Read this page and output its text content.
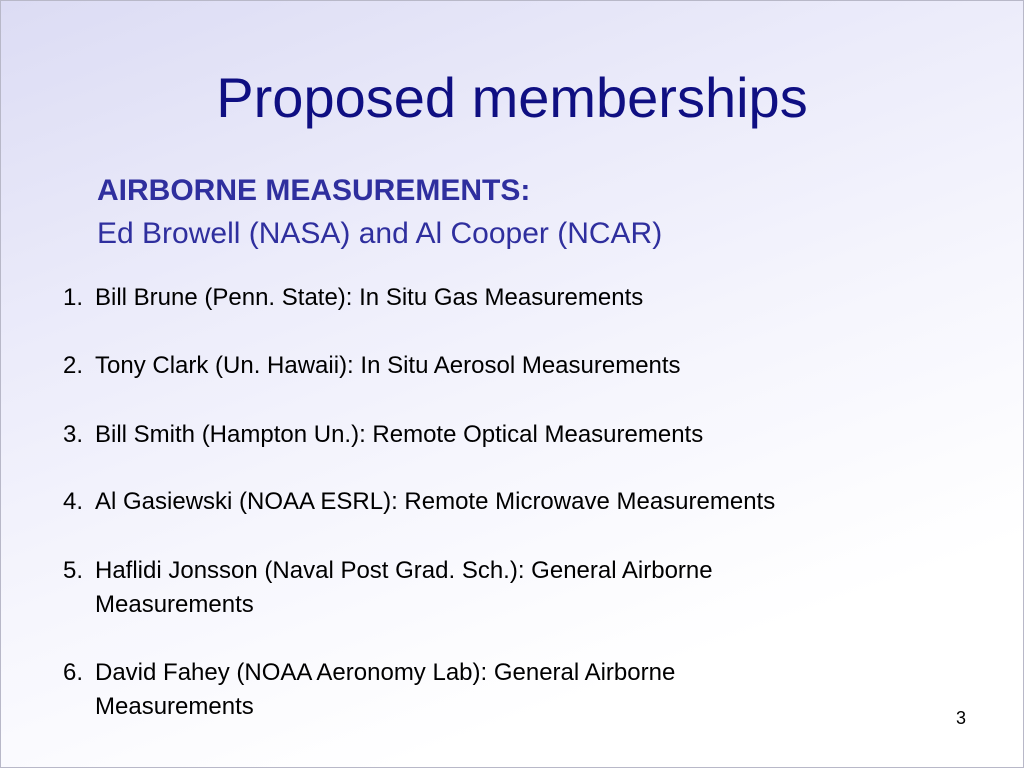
Proposed memberships
AIRBORNE MEASUREMENTS:
Ed Browell (NASA) and Al Cooper (NCAR)
1. Bill Brune (Penn. State): In Situ Gas Measurements
2. Tony Clark (Un. Hawaii): In Situ Aerosol Measurements
3. Bill Smith (Hampton Un.): Remote Optical Measurements
4. Al Gasiewski (NOAA ESRL): Remote Microwave Measurements
5. Haflidi Jonsson (Naval Post Grad. Sch.): General Airborne Measurements
6. David Fahey (NOAA Aeronomy Lab): General Airborne Measurements	3
